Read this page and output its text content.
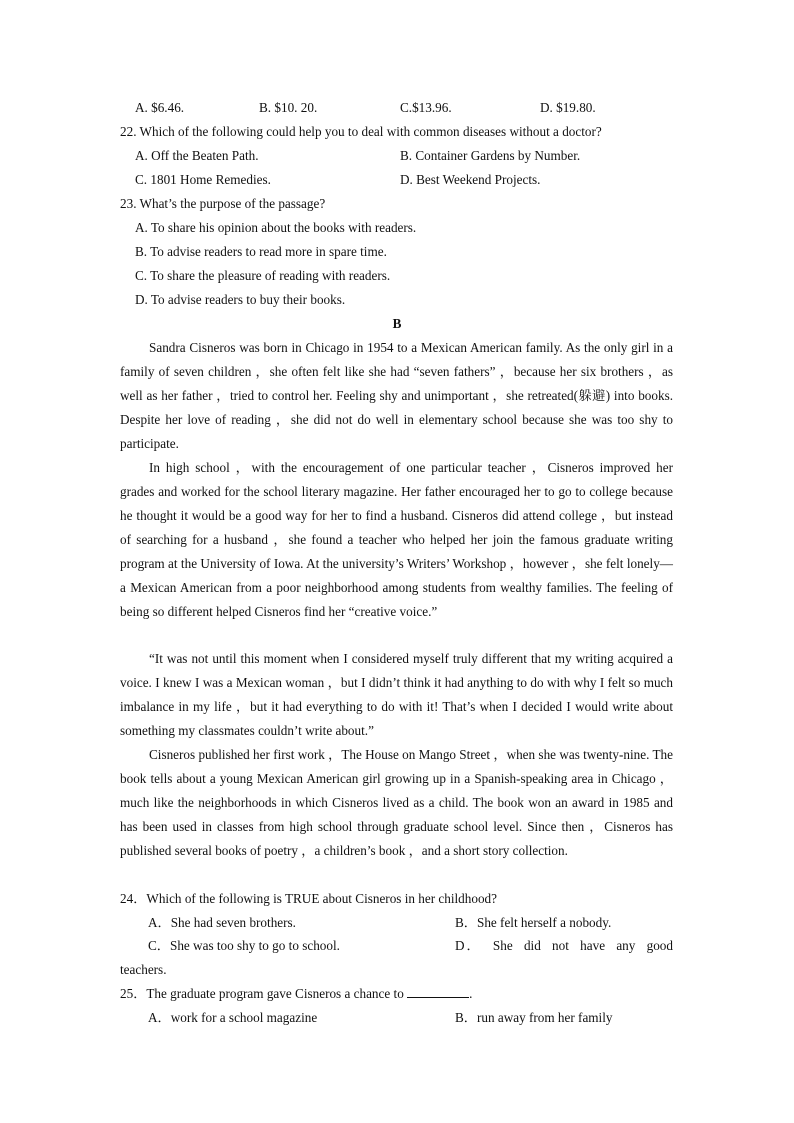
A. $6.46.	B. $10. 20.	C.$13.96.	D. $19.80.
22. Which of the following could help you to deal with common diseases without a doctor?
A. Off the Beaten Path.	B. Container Gardens by Number.
C. 1801 Home Remedies.	D. Best Weekend Projects.
23. What’s the purpose of the passage?
A. To share his opinion about the books with readers.
B. To advise readers to read more in spare time.
C. To share the pleasure of reading with readers.
D. To advise readers to buy their books.
B
Sandra Cisneros was born in Chicago in 1954 to a Mexican American family. As the only girl in a family of seven children ，she often felt like she had “seven fathers” ，because her six brothers ，as well as her father ，tried to control her. Feeling shy and unimportant ，she retreated(躲避) into books. Despite her love of reading ，she did not do well in elementary school because she was too shy to participate.
In high school ，with the encouragement of one particular teacher ，Cisneros improved her grades and worked for the school literary magazine. Her father encouraged her to go to college because he thought it would be a good way for her to find a husband. Cisneros did attend college ，but instead of searching for a husband ，she found a teacher who helped her join the famous graduate writing program at the University of Iowa. At the university’s Writers’ Workshop ，however ，she felt lonely—a Mexican American from a poor neighborhood among students from wealthy families. The feeling of being so different helped Cisneros find her “creative voice.”
“It was not until this moment when I considered myself truly different that my writing acquired a voice. I knew I was a Mexican woman ，but I didn’t think it had anything to do with why I felt so much imbalance in my life ，but it had everything to do with it! That’s when I decided I would write about something my classmates couldn’t write about.”
Cisneros published her first work ，The House on Mango Street ，when she was twenty-nine. The book tells about a young Mexican American girl growing up in a Spanish-speaking area in Chicago ，much like the neighborhoods in which Cisneros lived as a child. The book won an award in 1985 and has been used in classes from high school through graduate school level. Since then ，Cisneros has published several books of poetry ，a children’s book ，and a short story collection.
24．Which of the following is TRUE about Cisneros in her childhood?
A．She had seven brothers.	B．She felt herself a nobody.
C．She was too shy to go to school.	D． She did not have any good
teachers.
25．The graduate program gave Cisneros a chance to	.
A．work for a school magazine	B．run away from her family
